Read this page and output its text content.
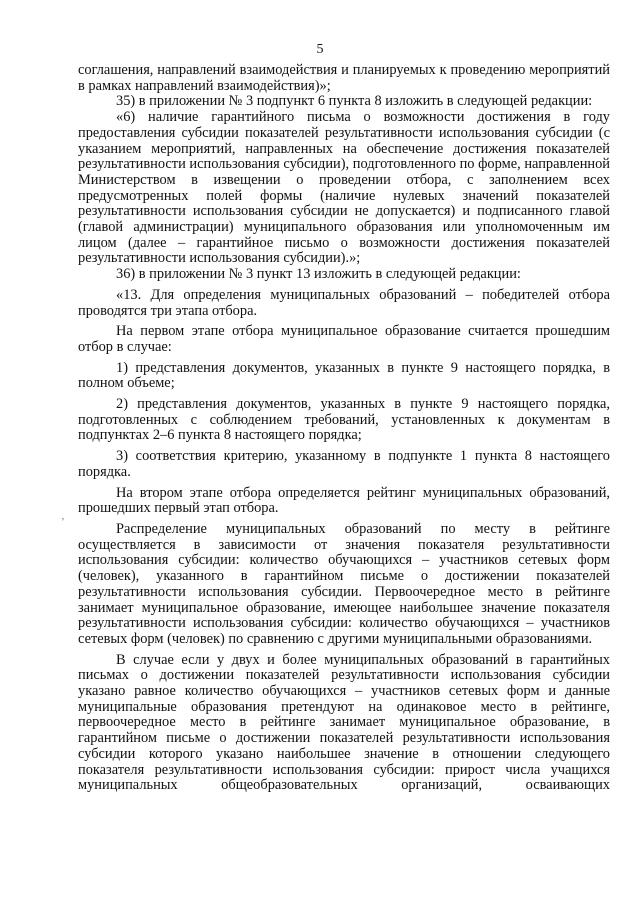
5
‚

соглашения, направлений взаимодействия и планируемых к проведению мероприятий в рамках направлений взаимодействия)»;

35) в приложении № 3 подпункт 6 пункта 8 изложить в следующей редакции:

«6) наличие гарантийного письма о возможности достижения в году предоставления субсидии показателей результативности использования субсидии (с указанием мероприятий, направленных на обеспечение достижения показателей результативности использования субсидии), подготовленного по форме, направленной Министерством в извещении о проведении отбора, с заполнением всех предусмотренных полей формы (наличие нулевых значений показателей результативности использования субсидии не допускается) и подписанного главой (главой администрации) муниципального образования или уполномоченным им лицом (далее – гарантийное письмо о возможности достижения показателей результативности использования субсидии).»;

36) в приложении № 3 пункт 13 изложить в следующей редакции:

«13. Для определения муниципальных образований – победителей отбора проводятся три этапа отбора.

На первом этапе отбора муниципальное образование считается прошедшим отбор в случае:

1) представления документов, указанных в пункте 9 настоящего порядка, в полном объеме;

2) представления документов, указанных в пункте 9 настоящего порядка, подготовленных с соблюдением требований, установленных к документам в подпунктах 2–6 пункта 8 настоящего порядка;

3) соответствия критерию, указанному в подпункте 1 пункта 8 настоящего порядка.

На втором этапе отбора определяется рейтинг муниципальных образований, прошедших первый этап отбора.

Распределение муниципальных образований по месту в рейтинге осуществляется в зависимости от значения показателя результативности использования субсидии: количество обучающихся – участников сетевых форм (человек), указанного в гарантийном письме о достижении показателей результативности использования субсидии. Первоочередное место в рейтинге занимает муниципальное образование, имеющее наибольшее значение показателя результативности использования субсидии: количество обучающихся – участников сетевых форм (человек) по сравнению с другими муниципальными образованиями.

В случае если у двух и более муниципальных образований в гарантийных письмах о достижении показателей результативности использования субсидии указано равное количество обучающихся – участников сетевых форм и данные муниципальные образования претендуют на одинаковое место в рейтинге, первоочередное место в рейтинге занимает муниципальное образование, в гарантийном письме о достижении показателей результативности использования субсидии которого указано наибольшее значение в отношении следующего показателя результативности использования субсидии: прирост числа учащихся муниципальных общеобразовательных организаций, осваивающих
